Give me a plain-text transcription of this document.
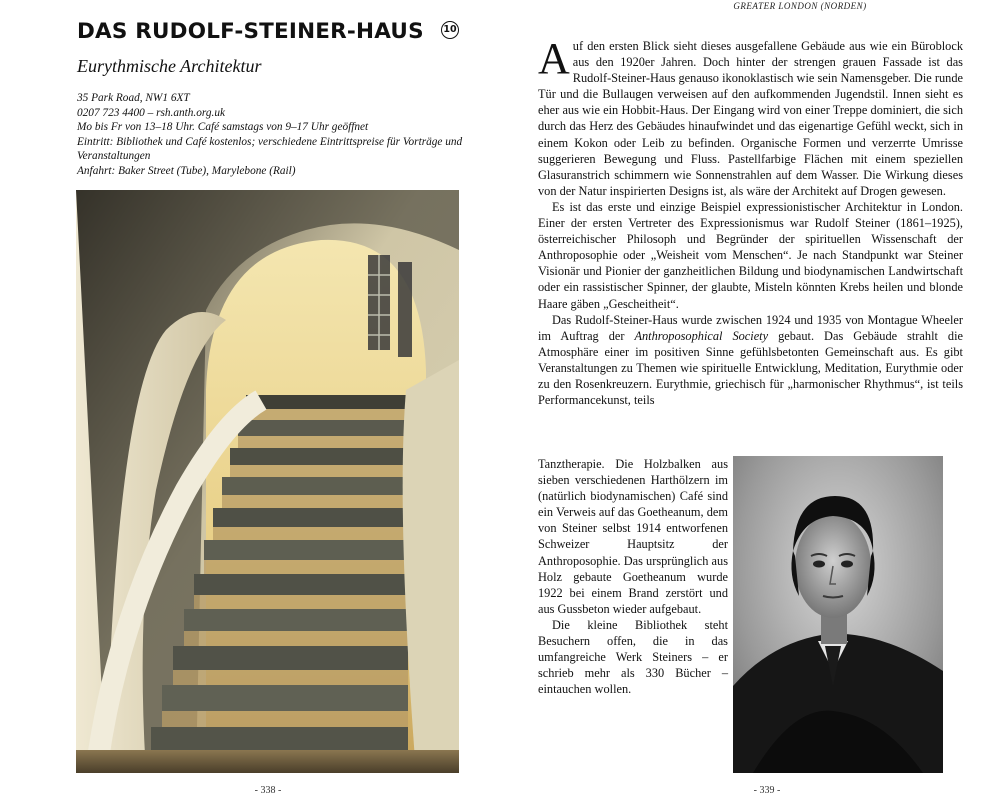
DAS RUDOLF-STEINER-HAUS 10
Eurythmische Architektur
35 Park Road, NW1 6XT
0207 723 4400 – rsh.anth.org.uk
Mo bis Fr von 13–18 Uhr. Café samstags von 9–17 Uhr geöffnet
Eintritt: Bibliothek und Café kostenlos; verschiedene Eintrittspreise für Vorträge und Veranstaltungen
Anfahrt: Baker Street (Tube), Marylebone (Rail)
- 338 -
GREATER LONDON (NORDEN)

Auf den ersten Blick sieht dieses ausgefallene Gebäude aus wie ein Büroblock aus den 1920er Jahren. Doch hinter der strengen grauen Fassade ist das Rudolf-Steiner-Haus genauso ikonoklastisch wie sein Namensgeber. Die runde Tür und die Bullaugen verweisen auf den aufkommenden Jugendstil. Innen sieht es eher aus wie ein Hobbit-Haus. Der Eingang wird von einer Treppe dominiert, die sich durch das Herz des Gebäudes hinaufwindet und das eigenartige Gefühl weckt, sich in einem Kokon oder Leib zu befinden. Organische Formen und verzerrte Umrisse suggerieren Bewegung und Fluss. Pastellfarbige Flächen mit einem speziellen Glasuranstrich schimmern wie Sonnenstrahlen auf dem Wasser. Die Wirkung dieses von der Natur inspirierten Designs ist, als wäre der Architekt auf Drogen gewesen.

Es ist das erste und einzige Beispiel expressionistischer Architektur in London. Einer der ersten Vertreter des Expressionismus war Rudolf Steiner (1861–1925), österreichischer Philosoph und Begründer der spirituellen Wissenschaft der Anthroposophie oder „Weisheit vom Menschen“. Je nach Standpunkt war Steiner Visionär und Pionier der ganzheitlichen Bildung und biodynamischen Landwirtschaft oder ein rassistischer Spinner, der glaubte, Misteln könnten Krebs heilen und blonde Haare gäben „Gescheitheit“.

Das Rudolf-Steiner-Haus wurde zwischen 1924 und 1935 von Montague Wheeler im Auftrag der Anthroposophical Society gebaut. Das Gebäude strahlt die Atmosphäre einer im positiven Sinne gefühlsbetonten Gemeinschaft aus. Es gibt Veranstaltungen zu Themen wie spirituelle Entwicklung, Meditation, Eurythmie oder zu den Rosenkreuzern. Eurythmie, griechisch für „harmonischer Rhythmus“, ist teils Performancekunst, teils

Tanztherapie. Die Holzbalken aus sieben verschiedenen Harthölzern im (natürlich biodynamischen) Café sind ein Verweis auf das Goetheanum, dem von Steiner selbst 1914 entworfenen Schweizer Hauptsitz der Anthroposophie. Das ursprünglich aus Holz gebaute Goetheanum wurde 1922 bei einem Brand zerstört und aus Gussbeton wieder aufgebaut.

Die kleine Bibliothek steht Besuchern offen, die in das umfangreiche Werk Steiners – er schrieb mehr als 330 Bücher – eintauchen wollen.

- 339 -
